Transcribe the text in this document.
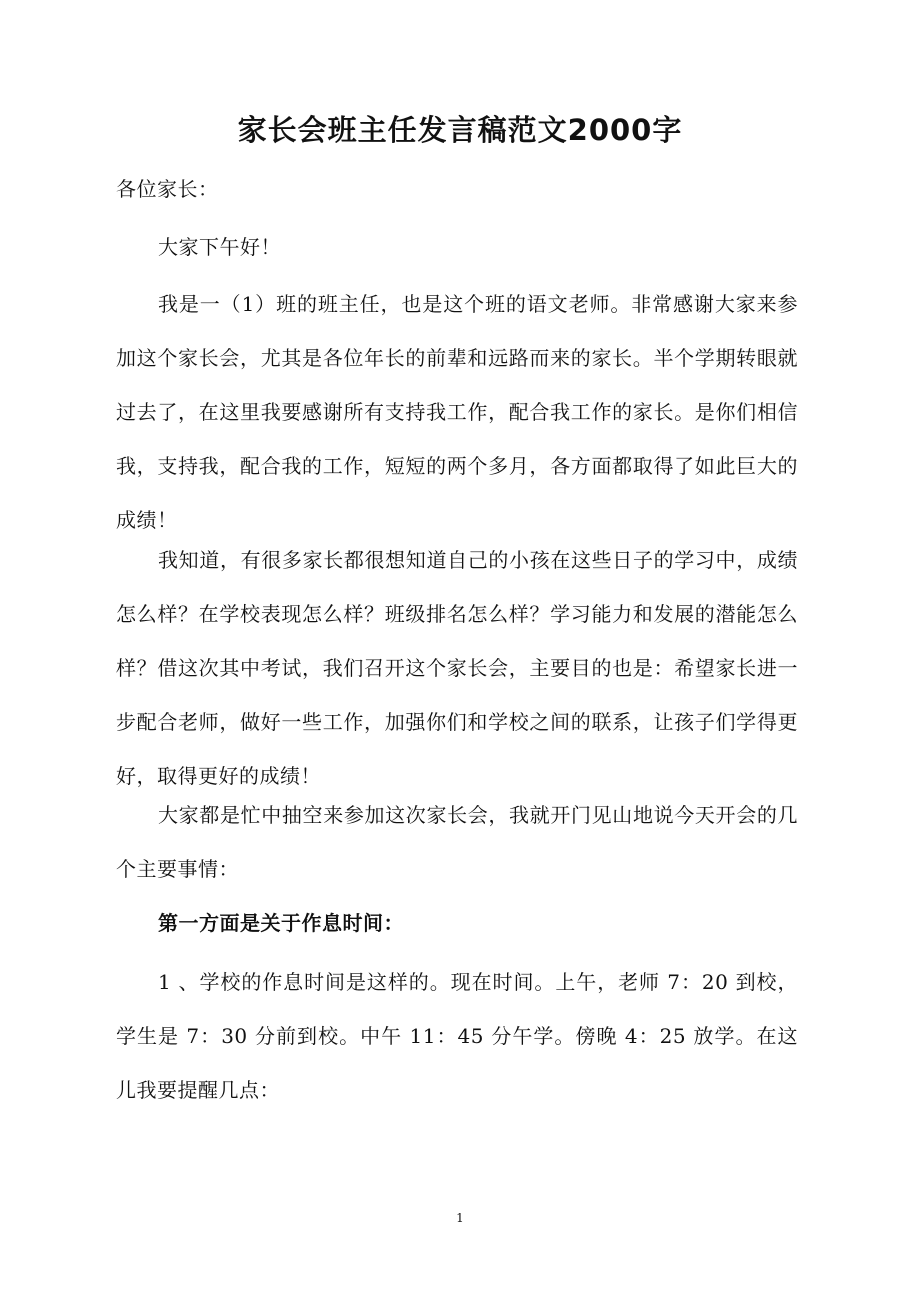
家长会班主任发言稿范文2000字

各位家长：

大家下午好！

我是一（1）班的班主任，也是这个班的语文老师。非常感谢大家来参加这个家长会，尤其是各位年长的前辈和远路而来的家长。半个学期转眼就过去了，在这里我要感谢所有支持我工作，配合我工作的家长。是你们相信我，支持我，配合我的工作，短短的两个多月，各方面都取得了如此巨大的成绩！

我知道，有很多家长都很想知道自己的小孩在这些日子的学习中，成绩怎么样？在学校表现怎么样？班级排名怎么样？学习能力和发展的潜能怎么样？借这次其中考试，我们召开这个家长会，主要目的也是：希望家长进一步配合老师，做好一些工作，加强你们和学校之间的联系，让孩子们学得更好，取得更好的成绩！

大家都是忙中抽空来参加这次家长会，我就开门见山地说今天开会的几个主要事情：

第一方面是关于作息时间：

1 、学校的作息时间是这样的。现在时间。上午，老师 7：20 到校，学生是 7：30 分前到校。中午 11：45 分午学。傍晚 4：25 放学。在这儿我要提醒几点：

1
